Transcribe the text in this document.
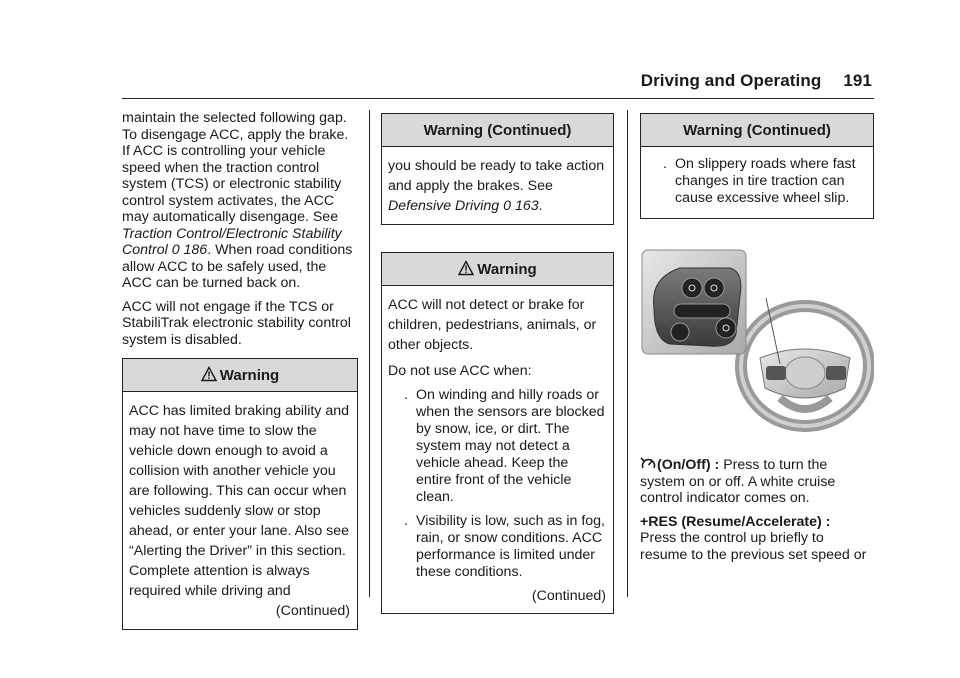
Driving and Operating 191

maintain the selected following gap. To disengage ACC, apply the brake. If ACC is controlling your vehicle speed when the traction control system (TCS) or electronic stability control system activates, the ACC may automatically disengage. See Traction Control/Electronic Stability Control 0 186. When road conditions allow ACC to be safely used, the ACC can be turned back on.

ACC will not engage if the TCS or StabiliTrak electronic stability control system is disabled.

Warning
ACC has limited braking ability and may not have time to slow the vehicle down enough to avoid a collision with another vehicle you are following. This can occur when vehicles suddenly slow or stop ahead, or enter your lane. Also see “Alerting the Driver” in this section. Complete attention is always required while driving and
(Continued)
Warning (Continued)
you should be ready to take action and apply the brakes. See Defensive Driving 0 163.
Warning

ACC will not detect or brake for children, pedestrians, animals, or other objects.

Do not use ACC when:

. On winding and hilly roads or when the sensors are blocked by snow, ice, or dirt. The system may not detect a vehicle ahead. Keep the entire front of the vehicle clean.
. Visibility is low, such as in fog, rain, or snow conditions. ACC performance is limited under these conditions.
(Continued)
Warning (Continued)
. On slippery roads where fast changes in tire traction can cause excessive wheel slip.

(On/Off) : Press to turn the system on or off. A white cruise control indicator comes on.

+RES (Resume/Accelerate) :
Press the control up briefly to resume to the previous set speed or
